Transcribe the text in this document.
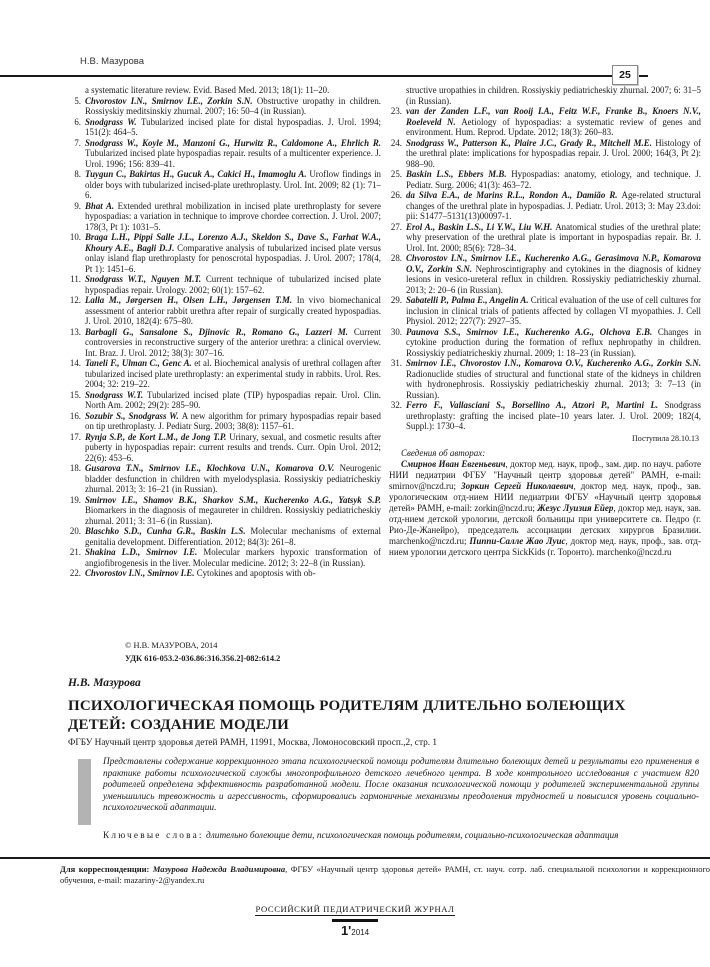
Н.В. Мазурова
25
a systematic literature review. Evid. Based Med. 2013; 18(1): 11–20.
5. Chvorostov I.N., Smirnov I.E., Zorkin S.N. Obstructive uropathy in children. Rossiyskiy meditsinskiy zhurnal. 2007; 16: 50–4 (in Russian).
6. Snodgrass W. Tubularized incised plate for distal hypospadias. J. Urol. 1994; 151(2): 464–5.
7. Snodgrass W., Koyle M., Manzoni G., Hurwitz R., Caldomone A., Ehrlich R. Tubularized incised plate hypospadias repair. results of a multicenter experience. J. Urol. 1996; 156: 839–41.
8. Tuygun C., Bakirtas H., Gucuk A., Cakici H., Imamoglu A. Uroflow findings in older boys with tubularized incised-plate urethroplasty. Urol. Int. 2009; 82 (1): 71–6.
9. Bhat A. Extended urethral mobilization in incised plate urethroplasty for severe hypospadias: a variation in technique to improve chordee correction. J. Urol. 2007; 178(3, Pt 1): 1031–5.
10. Braga L.H., Pippi Salle J.L., Lorenzo A.J., Skeldon S., Dave S., Farhat W.A., Khoury A.E., Bagli D.J. Comparative analysis of tubularized incised plate versus onlay island flap urethroplasty for penoscrotal hypospadias. J. Urol. 2007; 178(4, Pt 1): 1451–6.
11. Snodgrass W.T., Nguyen M.T. Current technique of tubularized incised plate hypospadias repair. Urology. 2002; 60(1): 157–62.
12. Lalla M., Jørgersen H., Olsen L.H., Jørgensen T.M. In vivo biomechanical assessment of anterior rabbit urethra after repair of surgically created hypospadias. J. Urol. 2010, 182(4): 675–80.
13. Barbagli G., Sansalone S., Djinovic R., Romano G., Lazzeri M. Current controversies in reconstructive surgery of the anterior urethra: a clinical overview. Int. Braz. J. Urol. 2012; 38(3): 307–16.
14. Taneli F., Ulman C., Genc A. et al. Biochemical analysis of urethral collagen after tubularized incised plate urethroplasty: an experimental study in rabbits. Urol. Res. 2004; 32: 219–22.
15. Snodgrass W.T. Tubularized incised plate (TIP) hypospadias repair. Urol. Clin. North Am. 2002; 29(2): 285–90.
16. Sozubir S., Snodgrass W. A new algorithm for primary hypospadias repair based on tip urethroplasty. J. Pediatr Surg. 2003; 38(8): 1157–61.
17. Rynja S.P., de Kort L.M., de Jong T.P. Urinary, sexual, and cosmetic results after puberty in hypospadias repair: current results and trends. Curr. Opin Urol. 2012; 22(6): 453–6.
18. Gusarova T.N., Smirnov I.E., Klochkova U.N., Komarova O.V. Neurogenic bladder desfunction in children with myelodysplasia. Rossiyskiy pediatricheskiy zhurnal. 2013; 3: 16–21 (in Russian).
19. Smirnov I.E., Shamov B.K., Sharkov S.M., Kucherenko A.G., Yatsyk S.P. Biomarkers in the diagnosis of megaureter in children. Rossiyskiy pediatricheskiy zhurnal. 2011; 3: 31–6 (in Russian).
20. Blaschko S.D., Cunha G.R., Baskin L.S. Molecular mechanisms of external genitalia development. Differentiation. 2012; 84(3): 261–8.
21. Shakina L.D., Smirnov I.E. Molecular markers hypoxic transformation of angiofibrogenesis in the liver. Molecular medicine. 2012; 3: 22–8 (in Russian).
22. Chvorostov I.N., Smirnov I.E. Cytokines and apoptosis with ob-
structive uropathies in children. Rossiyskiy pediatricheskiy zhurnal. 2007; 6: 31–5 (in Russian).
23. van der Zanden L.F., van Rooij I.A., Feitz W.F., Franke B., Knoers N.V., Roeleveld N. Aetiology of hypospadias: a systematic review of genes and environment. Hum. Reprod. Update. 2012; 18(3): 260–83.
24. Snodgrass W., Patterson K., Plaire J.C., Grady R., Mitchell M.E. Histology of the urethral plate: implications for hypospadias repair. J. Urol. 2000; 164(3, Pt 2): 988–90.
25. Baskin L.S., Ebbers M.B. Hypospadias: anatomy, etiology, and technique. J. Pediatr. Surg. 2006; 41(3): 463–72.
26. da Silva E.A., de Marins R.L., Rondon A., Damião R. Age-related structural changes of the urethral plate in hypospadias. J. Pediatr. Urol. 2013; 3: May 23.doi: pii: S1477–5131(13)00097-1.
27. Erol A., Baskin L.S., Li Y.W., Liu W.H. Anatomical studies of the urethral plate: why preservation of the urethral plate is important in hypospadias repair. Br. J. Urol. Int. 2000; 85(6): 728–34.
28. Chvorostov I.N., Smirnov I.E., Kucherenko A.G., Gerasimova N.P., Komarova O.V., Zorkin S.N. Nephroscintigraphy and cytokines in the diagnosis of kidney lesions in vesico-ureteral reflux in children. Rossiyskiy pediatricheskiy zhurnal. 2013; 2: 20–6 (in Russian).
29. Sabatelli P., Palma E., Angelin A. Critical evaluation of the use of cell cultures for inclusion in clinical trials of patients affected by collagen VI myopathies. J. Cell Physiol. 2012; 227(7): 2927–35.
30. Paunova S.S., Smirnov I.E., Kucherenko A.G., Olchova E.B. Changes in cytokine production during the formation of reflux nephropathy in children. Rossiyskiy pediatricheskiy zhurnal. 2009; 1: 18–23 (in Russian).
31. Smirnov I.E., Chvorostov I.N., Komarova O.V., Kucherenko A.G., Zorkin S.N. Radionuclide studies of structural and functional state of the kidneys in children with hydronephrosis. Rossiyskiy pediatricheskiy zhurnal. 2013; 3: 7–13 (in Russian).
32. Ferro F., Vallasciani S., Borsellino A., Atzori P., Martini L. Snodgrass urethroplasty: grafting the incised plate–10 years later. J. Urol. 2009; 182(4, Suppl.): 1730–4.
Поступила 28.10.13
Сведения об авторах:
Смирнов Иван Евгеньевич, доктор мед. наук, проф., зам. дир. по науч. работе НИИ педиатрии ФГБУ "Научный центр здоровья детей" РАМН, e-mail: smirnov@nczd.ru; Зоркин Сергей Николаевич, доктор мед. наук, проф., зав. урологическим отд-нием НИИ педиатрии ФГБУ «Научный центр здоровья детей» РАМН, e-mail: zorkin@nczd.ru; Жезус Луизия Ейер, доктор мед. наук, зав. отд-нием детской урологии, детской больницы при университете св. Педро (г. Рио-Де-Жанейро), председатель ассоциации детских хирургов Бразилии. marchenko@nczd.ru; Пиппи-Салле Жао Луис, доктор мед. наук, проф., зав. отд-нием урологии детского центра SickKids (г. Торонто). marchenko@nczd.ru
© Н.В. МАЗУРОВА, 2014
УДК 616-053.2-036.86:316.356.2]-082:614.2
Н.В. Мазурова
ПСИХОЛОГИЧЕСКАЯ ПОМОЩЬ РОДИТЕЛЯМ ДЛИТЕЛЬНО БОЛЕЮЩИХ ДЕТЕЙ: СОЗДАНИЕ МОДЕЛИ
ФГБУ Научный центр здоровья детей РАМН, 11991, Москва, Ломоносовский просп.,2, стр. 1
Представлены содержание коррекционного этапа психологической помощи родителям длительно болеющих детей и результаты его применения в практике работы психологической службы многопрофильного детского лечебного центра. В ходе контрольного исследования с участием 820 родителей определена эффективность разработанной модели. После оказания психологической помощи у родителей экспериментальной группы уменьшились тревожность и агрессивность, сформировались гармоничные механизмы преодоления трудностей и повысился уровень социально-психологической адаптации.
Ключевые слова: длительно болеющие дети, психологическая помощь родителям, социально-психологическая адаптация
Для корреспонденции: Мазурова Надежда Владимировна, ФГБУ «Научный центр здоровья детей» РАМН, ст. науч. сотр. лаб. специальной психологии и коррекционного обучения, e-mail: mazariny-2@yandex.ru
РОССИЙСКИЙ ПЕДИАТРИЧЕСКИЙ ЖУРНАЛ
1'2014
